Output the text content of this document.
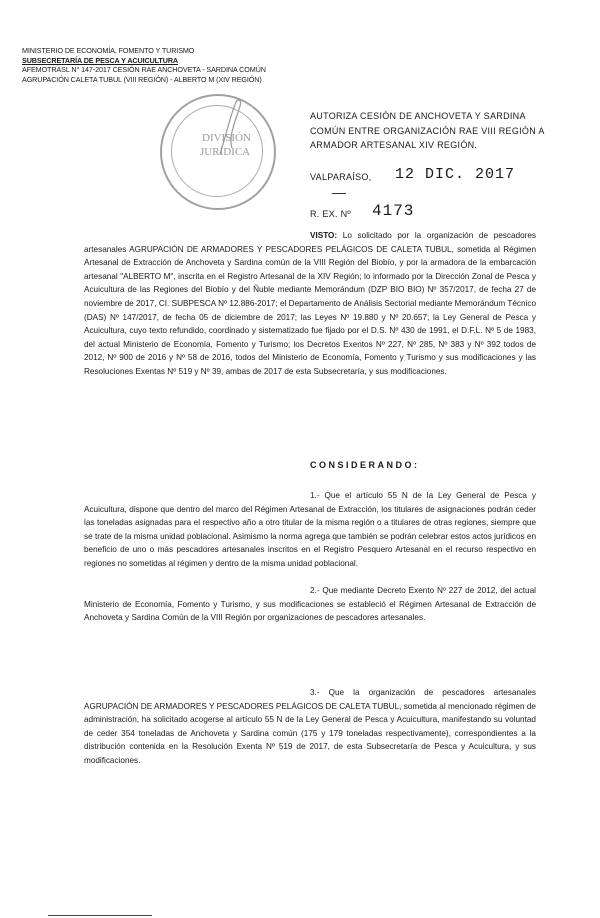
MINISTERIO DE ECONOMÍA, FOMENTO Y TURISMO
SUBSECRETARÍA DE PESCA Y ACUICULTURA
AFEMOTRASL N° 147-2017 CESIÓN RAE ANCHOVETA - SARDINA COMÚN
AGRUPACIÓN CALETA TUBUL (VIII REGIÓN) - ALBERTO M (XIV REGIÓN)
DIVISIÓN
JURÍDICA
AUTORIZA CESIÓN DE ANCHOVETA Y SARDINA COMÚN ENTRE ORGANIZACIÓN RAE VIII REGIÓN A ARMADOR ARTESANAL XIV REGIÓN.
VALPARAÍSO, 12 DIC. 2017
R. EX. Nº 4173

VISTO: Lo solicitado por la organización de pescadores artesanales AGRUPACIÓN DE ARMADORES Y PESCADORES PELÁGICOS DE CALETA TUBUL, sometida al Régimen Artesanal de Extracción de Anchoveta y Sardina común de la VIII Región del Biobío, y por la armadora de la embarcación artesanal "ALBERTO M", inscrita en el Registro Artesanal de la XIV Región; lo informado por la Dirección Zonal de Pesca y Acuicultura de las Regiones del Biobío y del Ñuble mediante Memorándum (DZP BIO BIO) Nº 357/2017, de fecha 27 de noviembre de 2017, CI. SUBPESCA Nº 12.886-2017; el Departamento de Análisis Sectorial mediante Memorándum Técnico (DAS) Nº 147/2017, de fecha 05 de diciembre de 2017; las Leyes Nº 19.880 y Nº 20.657; la Ley General de Pesca y Acuicultura, cuyo texto refundido, coordinado y sistematizado fue fijado por el D.S. Nº 430 de 1991, el D.F.L. Nº 5 de 1983, del actual Ministerio de Economía, Fomento y Turismo; los Decretos Exentos Nº 227, Nº 285, Nº 383 y Nº 392 todos de 2012, Nº 900 de 2016 y Nº 58 de 2016, todos del Ministerio de Economía, Fomento y Turismo y sus modificaciones y las Resoluciones Exentas Nº 519 y Nº 39, ambas de 2017 de esta Subsecretaría, y sus modificaciones.

CONSIDERANDO:

1.- Que el artículo 55 N de la Ley General de Pesca y Acuicultura, dispone que dentro del marco del Régimen Artesanal de Extracción, los titulares de asignaciones podrán ceder las toneladas asignadas para el respectivo año a otro titular de la misma región o a titulares de otras regiones, siempre que se trate de la misma unidad poblacional. Asimismo la norma agrega que también se podrán celebrar estos actos jurídicos en beneficio de uno o más pescadores artesanales inscritos en el Registro Pesquero Artesanal en el recurso respectivo en regiones no sometidas al régimen y dentro de la misma unidad poblacional.

2.- Que mediante Decreto Exento Nº 227 de 2012, del actual Ministerio de Economía, Fomento y Turismo, y sus modificaciones se estableció el Régimen Artesanal de Extracción de Anchoveta y Sardina Común de la VIII Región por organizaciones de pescadores artesanales.

3.- Que la organización de pescadores artesanales AGRUPACIÓN DE ARMADORES Y PESCADORES PELÁGICOS DE CALETA TUBUL, sometida al mencionado régimen de administración, ha solicitado acogerse al artículo 55 N de la Ley General de Pesca y Acuicultura, manifestando su voluntad de ceder 354 toneladas de Anchoveta y Sardina común (175 y 179 toneladas respectivamente), correspondientes a la distribución contenida en la Resolución Exenta Nº 519 de 2017, de esta Subsecretaría de Pesca y Acuicultura, y sus modificaciones.
